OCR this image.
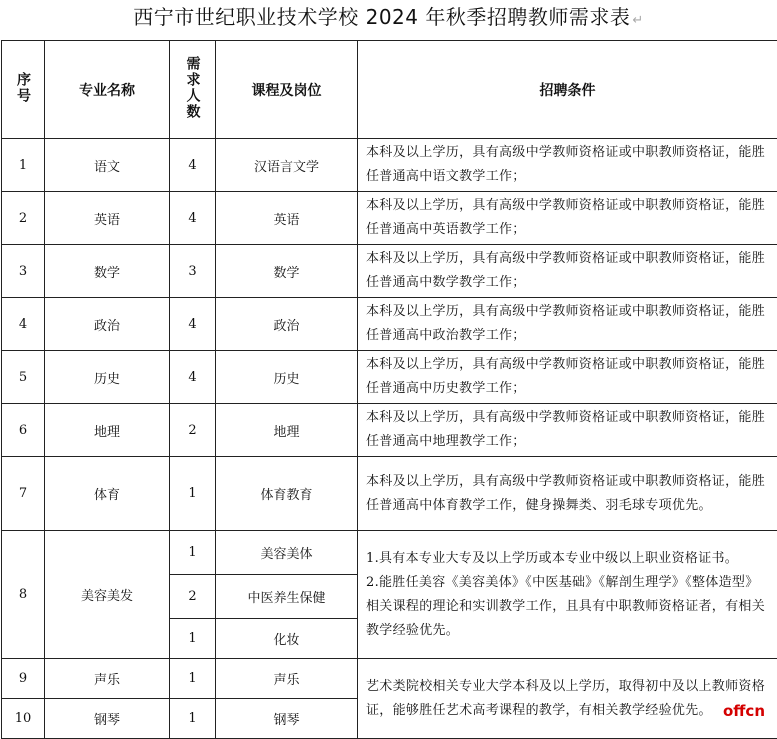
西宁市世纪职业技术学校 2024 年秋季招聘教师需求表 ↵
序号	专业名称	需求人数	课程及岗位	招聘条件
1	语文	4	汉语言文学	本科及以上学历，具有高级中学教师资格证或中职教师资格证，能胜任普通高中语文教学工作；
2	英语	4	英语	本科及以上学历，具有高级中学教师资格证或中职教师资格证，能胜任普通高中英语教学工作；
3	数学	3	数学	本科及以上学历，具有高级中学教师资格证或中职教师资格证，能胜任普通高中数学教学工作；
4	政治	4	政治	本科及以上学历，具有高级中学教师资格证或中职教师资格证，能胜任普通高中政治教学工作；
5	历史	4	历史	本科及以上学历，具有高级中学教师资格证或中职教师资格证，能胜任普通高中历史教学工作；
6	地理	2	地理	本科及以上学历，具有高级中学教师资格证或中职教师资格证，能胜任普通高中地理教学工作；
7	体育	1	体育教育	本科及以上学历，具有高级中学教师资格证或中职教师资格证，能胜任普通高中体育教学工作，健身操舞类、羽毛球专项优先。
8	美容美发	1	美容美体	1.具有本专业大专及以上学历或本专业中级以上职业资格证书。

2.能胜任美容《美容美体》《中医基础》《解剖生理学》《整体造型》相关课程的理论和实训教学工作，且具有中职教师资格证者，有相关教学经验优先。

		2	中医养生保健	
		1	化妆	
9	声乐	1	声乐	艺术类院校相关专业大学本科及以上学历，取得初中及以上教师资格证，能够胜任艺术高考课程的教学，有相关教学经验优先。
10	钢琴	1	钢琴	
offcn
